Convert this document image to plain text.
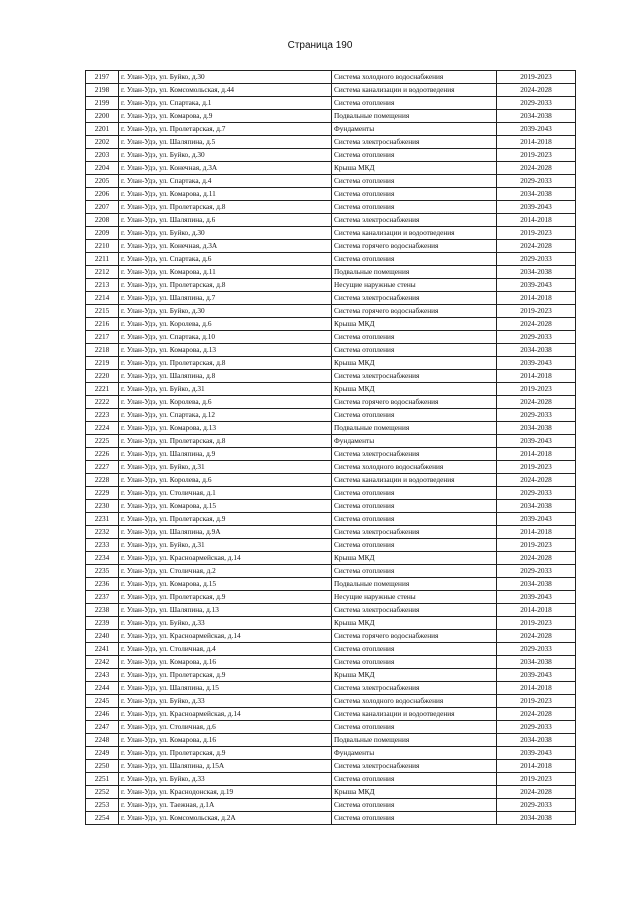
Страница 190
2197	г. Улан-Удэ, ул. Буйко, д.30	Система холодного водоснабжения	2019-2023
2198	г. Улан-Удэ, ул. Комсомольская, д.44	Система канализации и водоотведения	2024-2028
2199	г. Улан-Удэ, ул. Спартака, д.1	Система отопления	2029-2033
2200	г. Улан-Удэ, ул. Комарова, д.9	Подвальные помещения	2034-2038
2201	г. Улан-Удэ, ул. Пролетарская, д.7	Фундаменты	2039-2043
2202	г. Улан-Удэ, ул. Шаляпина, д.5	Система электроснабжения	2014-2018
2203	г. Улан-Удэ, ул. Буйко, д.30	Система отопления	2019-2023
2204	г. Улан-Удэ, ул. Конечная, д.3А	Крыша МКД	2024-2028
2205	г. Улан-Удэ, ул. Спартака, д.4	Система отопления	2029-2033
2206	г. Улан-Удэ, ул. Комарова, д.11	Система отопления	2034-2038
2207	г. Улан-Удэ, ул. Пролетарская, д.8	Система отопления	2039-2043
2208	г. Улан-Удэ, ул. Шаляпина, д.6	Система электроснабжения	2014-2018
2209	г. Улан-Удэ, ул. Буйко, д.30	Система канализации и водоотведения	2019-2023
2210	г. Улан-Удэ, ул. Конечная, д.3А	Система горячего водоснабжения	2024-2028
2211	г. Улан-Удэ, ул. Спартака, д.6	Система отопления	2029-2033
2212	г. Улан-Удэ, ул. Комарова, д.11	Подвальные помещения	2034-2038
2213	г. Улан-Удэ, ул. Пролетарская, д.8	Несущие наружные стены	2039-2043
2214	г. Улан-Удэ, ул. Шаляпина, д.7	Система электроснабжения	2014-2018
2215	г. Улан-Удэ, ул. Буйко, д.30	Система горячего водоснабжения	2019-2023
2216	г. Улан-Удэ, ул. Королева, д.6	Крыша МКД	2024-2028
2217	г. Улан-Удэ, ул. Спартака, д.10	Система отопления	2029-2033
2218	г. Улан-Удэ, ул. Комарова, д.13	Система отопления	2034-2038
2219	г. Улан-Удэ, ул. Пролетарская, д.8	Крыша МКД	2039-2043
2220	г. Улан-Удэ, ул. Шаляпина, д.8	Система электроснабжения	2014-2018
2221	г. Улан-Удэ, ул. Буйко, д.31	Крыша МКД	2019-2023
2222	г. Улан-Удэ, ул. Королева, д.6	Система горячего водоснабжения	2024-2028
2223	г. Улан-Удэ, ул. Спартака, д.12	Система отопления	2029-2033
2224	г. Улан-Удэ, ул. Комарова, д.13	Подвальные помещения	2034-2038
2225	г. Улан-Удэ, ул. Пролетарская, д.8	Фундаменты	2039-2043
2226	г. Улан-Удэ, ул. Шаляпина, д.9	Система электроснабжения	2014-2018
2227	г. Улан-Удэ, ул. Буйко, д.31	Система холодного водоснабжения	2019-2023
2228	г. Улан-Удэ, ул. Королева, д.6	Система канализации и водоотведения	2024-2028
2229	г. Улан-Удэ, ул. Столичная, д.1	Система отопления	2029-2033
2230	г. Улан-Удэ, ул. Комарова, д.15	Система отопления	2034-2038
2231	г. Улан-Удэ, ул. Пролетарская, д.9	Система отопления	2039-2043
2232	г. Улан-Удэ, ул. Шаляпина, д.9А	Система электроснабжения	2014-2018
2233	г. Улан-Удэ, ул. Буйко, д.31	Система отопления	2019-2023
2234	г. Улан-Удэ, ул. Красноармейская, д.14	Крыша МКД	2024-2028
2235	г. Улан-Удэ, ул. Столичная, д.2	Система отопления	2029-2033
2236	г. Улан-Удэ, ул. Комарова, д.15	Подвальные помещения	2034-2038
2237	г. Улан-Удэ, ул. Пролетарская, д.9	Несущие наружные стены	2039-2043
2238	г. Улан-Удэ, ул. Шаляпина, д.13	Система электроснабжения	2014-2018
2239	г. Улан-Удэ, ул. Буйко, д.33	Крыша МКД	2019-2023
2240	г. Улан-Удэ, ул. Красноармейская, д.14	Система горячего водоснабжения	2024-2028
2241	г. Улан-Удэ, ул. Столичная, д.4	Система отопления	2029-2033
2242	г. Улан-Удэ, ул. Комарова, д.16	Система отопления	2034-2038
2243	г. Улан-Удэ, ул. Пролетарская, д.9	Крыша МКД	2039-2043
2244	г. Улан-Удэ, ул. Шаляпина, д.15	Система электроснабжения	2014-2018
2245	г. Улан-Удэ, ул. Буйко, д.33	Система холодного водоснабжения	2019-2023
2246	г. Улан-Удэ, ул. Красноармейская, д.14	Система канализации и водоотведения	2024-2028
2247	г. Улан-Удэ, ул. Столичная, д.6	Система отопления	2029-2033
2248	г. Улан-Удэ, ул. Комарова, д.16	Подвальные помещения	2034-2038
2249	г. Улан-Удэ, ул. Пролетарская, д.9	Фундаменты	2039-2043
2250	г. Улан-Удэ, ул. Шаляпина, д.15А	Система электроснабжения	2014-2018
2251	г. Улан-Удэ, ул. Буйко, д.33	Система отопления	2019-2023
2252	г. Улан-Удэ, ул. Краснодонская, д.19	Крыша МКД	2024-2028
2253	г. Улан-Удэ, ул. Таежная, д.1А	Система отопления	2029-2033
2254	г. Улан-Удэ, ул. Комсомольская, д.2А	Система отопления	2034-2038
